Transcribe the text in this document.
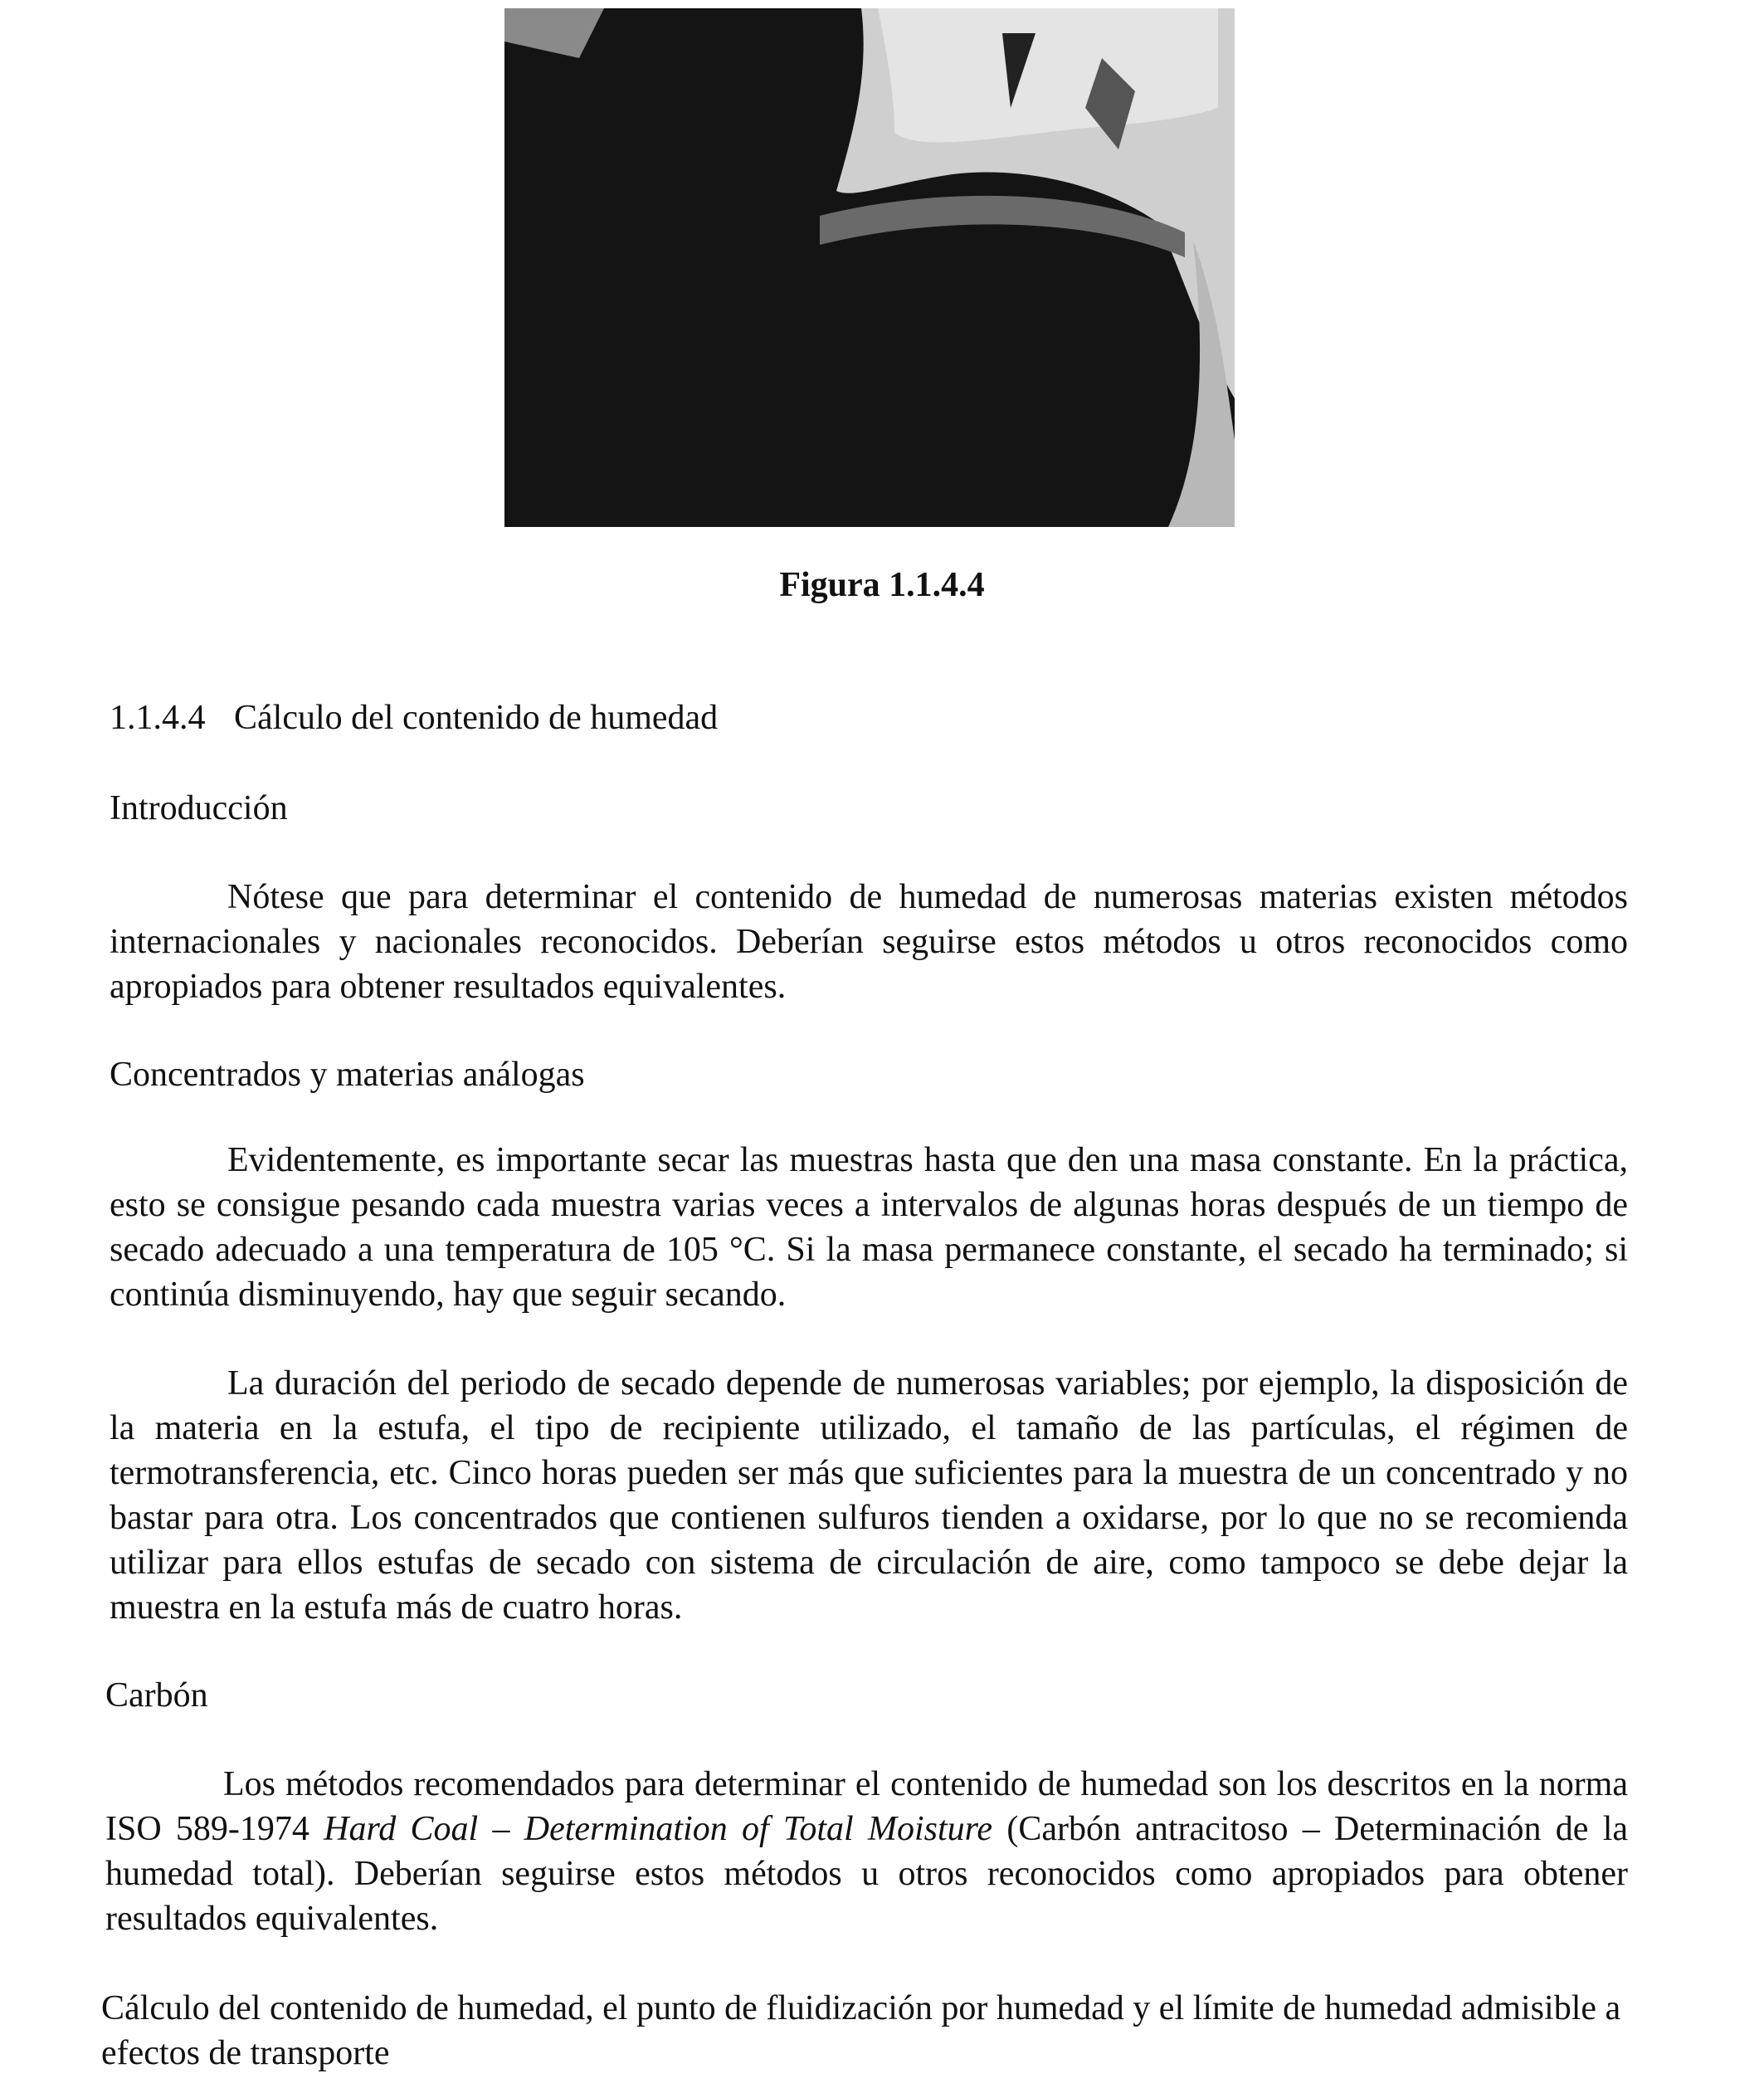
Figura 1.1.4.4
1.1.4.4 Cálculo del contenido de humedad
Introducción
Nótese que para determinar el contenido de humedad de numerosas materias existen métodos internacionales y nacionales reconocidos. Deberían seguirse estos métodos u otros reconocidos como apropiados para obtener resultados equivalentes.
Concentrados y materias análogas
Evidentemente, es importante secar las muestras hasta que den una masa constante. En la práctica, esto se consigue pesando cada muestra varias veces a intervalos de algunas horas después de un tiempo de secado adecuado a una temperatura de 105 °C. Si la masa permanece constante, el secado ha terminado; si continúa disminuyendo, hay que seguir secando.
La duración del periodo de secado depende de numerosas variables; por ejemplo, la disposición de la materia en la estufa, el tipo de recipiente utilizado, el tamaño de las partículas, el régimen de termotransferencia, etc. Cinco horas pueden ser más que suficientes para la muestra de un concentrado y no bastar para otra. Los concentrados que contienen sulfuros tienden a oxidarse, por lo que no se recomienda utilizar para ellos estufas de secado con sistema de circulación de aire, como tampoco se debe dejar la muestra en la estufa más de cuatro horas.
Carbón
Los métodos recomendados para determinar el contenido de humedad son los descritos en la norma ISO 589-1974 Hard Coal – Determination of Total Moisture (Carbón antracitoso – Determinación de la humedad total). Deberían seguirse estos métodos u otros reconocidos como apropiados para obtener resultados equivalentes.
Cálculo del contenido de humedad, el punto de fluidización por humedad y el límite de humedad admisible a efectos de transporte
